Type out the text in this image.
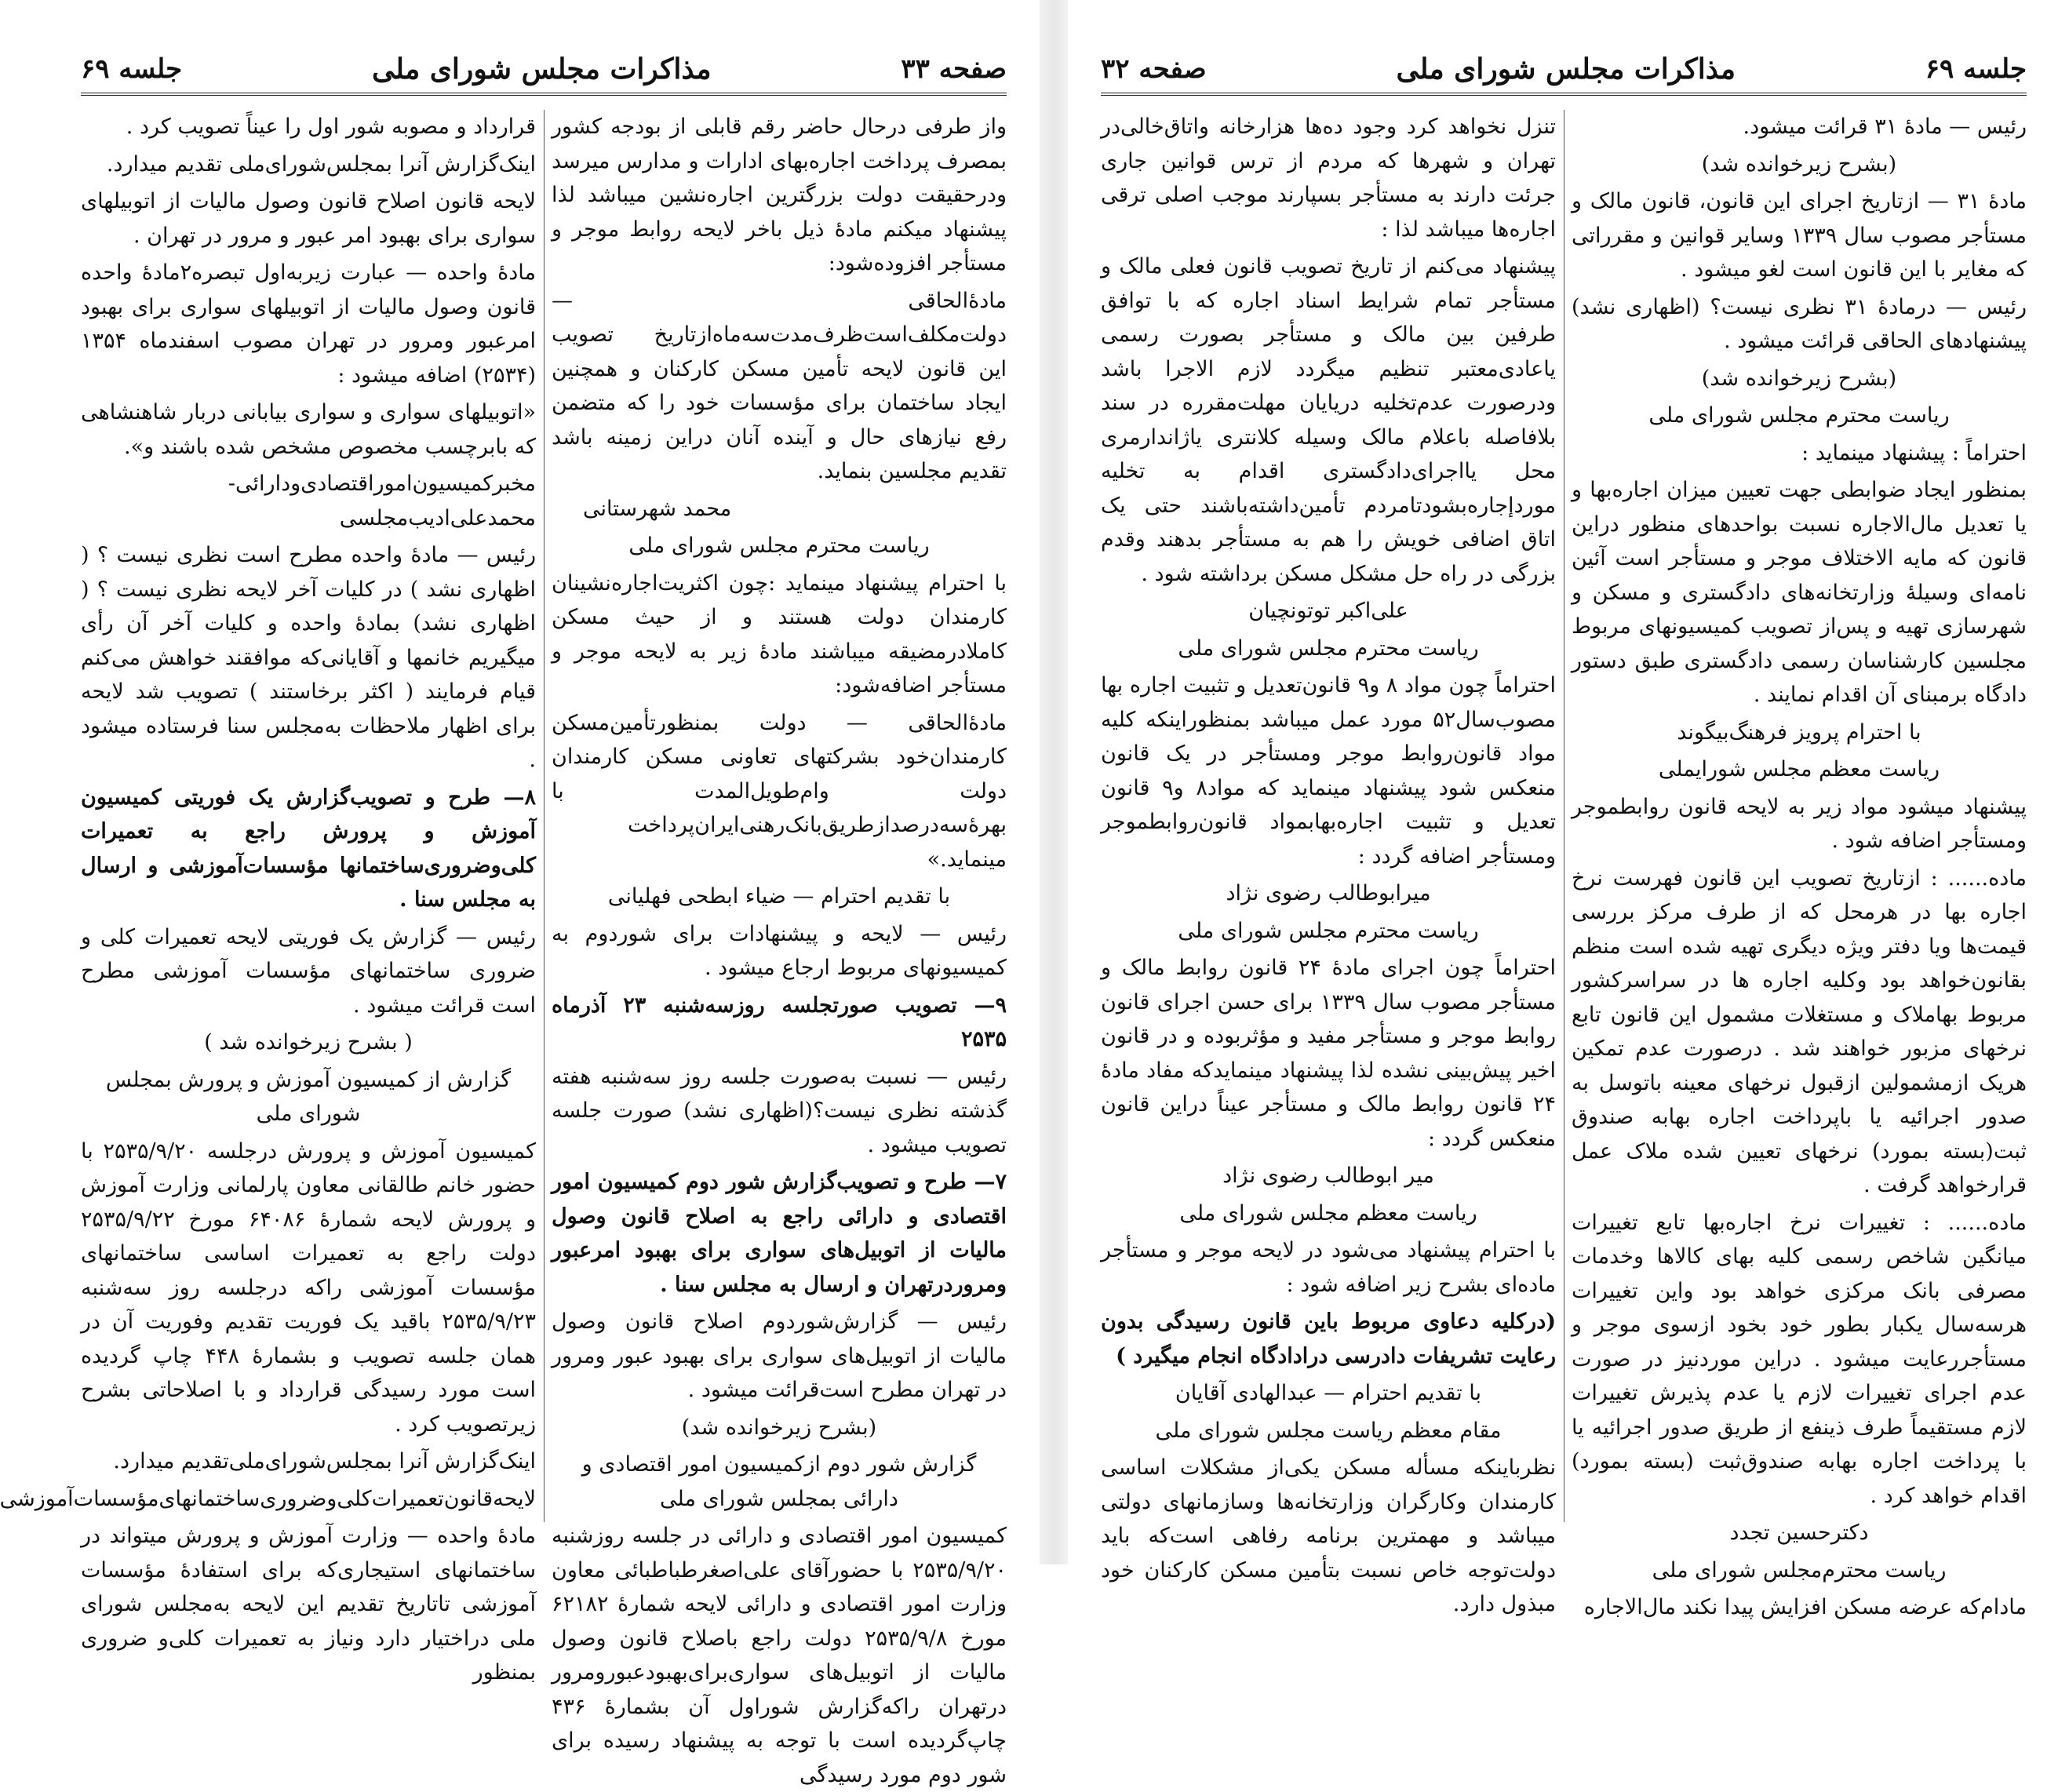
صفحه ۳۳
مذاکرات مجلس شورای ملی
جلسه ۶۹

واز طرفی درحال حاضر رقم قابلی از بودجه کشور بمصرف پرداخت اجاره‌بهای ادارات و مدارس میرسد ودرحقیقت دولت بزرگترین اجاره‌نشین میباشد لذا پیشنهاد میکنم مادهٔ ذیل باخر لایحه روابط موجر و مستأجر افزوده‌شود:

مادهٔ‌الحاقی — دولت‌مکلف‌است‌ظرف‌مدت‌سه‌ماه‌ازتاریخ تصویب این قانون لایحه تأمین مسکن کارکنان و همچنین ایجاد ساختمان برای مؤسسات خود را که متضمن رفع نیازهای حال و آینده آنان دراین زمینه باشد تقدیم مجلسین بنماید.

محمد شهرستانی

ریاست محترم مجلس شورای ملی

با احترام پیشنهاد مینماید :چون اکثریت‌اجاره‌نشینان کارمندان دولت هستند و از حیث مسکن کاملادرمضیقه میباشند مادهٔ زیر به لایحه موجر و مستأجر اضافه‌شود:

مادهٔ‌الحاقی — دولت بمنظورتأمین‌مسکن کارمندان‌خود بشرکتهای تعاونی مسکن کارمندان دولت وام‌طویل‌المدت با بهرهٔ‌سه‌درصداز‌طریق‌بانک‌رهنی‌ایران‌پرداخت مینماید.»

با تقدیم احترام — ضیاء ابطحی فهلیانی

رئیس — لایحه و پیشنهادات برای شوردوم به کمیسیونهای مربوط ارجاع میشود .

۹— تصویب صورتجلسه روز‌سه‌شنبه ۲۳ آذرماه ۲۵۳۵

رئیس — نسبت به‌صورت جلسه روز سه‌شنبه هفته گذشته نظری نیست؟(اظهاری نشد) صورت جلسه تصویب میشود .

۷— طرح و تصویب‌گزارش شور دوم کمیسیون امور اقتصادی و دارائی راجع به اصلاح قانون وصول مالیات از اتوبیل‌های سواری برای بهبود امرعبور ومرورد‌رتهران و ارسال به مجلس سنا .

رئیس — گزارش‌شوردوم اصلاح قانون وصول مالیات از اتوبیل‌های سواری برای بهبود عبور ومرور در تهران مطرح است‌قرائت میشود .

(بشرح زیرخوانده شد)

گزارش شور دوم ازکمیسیون امور اقتصادی و دارائی بمجلس شورای ملی

کمیسیون امور اقتصادی و دارائی در جلسه روزشنبه ۲۵۳۵/۹/۲۰ با حضورآقای علی‌اصغرطباطبائی معاون وزارت امور اقتصادی و دارائی لایحه شمارهٔ ۶۲۱۸۲ مورخ ۲۵۳۵/۹/۸ دولت راجع باصلاح قانون وصول مالیات از اتوبیل‌های سواری‌برای‌بهبود‌عبورومرور درتهران راکه‌گزارش شوراول آن بشمارهٔ ۴۳۶ چاپ‌گردیده است با توجه به پیشنهاد رسیده برای شور دوم مورد رسیدگی

قرارداد و مصوبه شور اول را عیناً تصویب کرد .

اینک‌گزارش آنرا بمجلس‌شورای‌ملی تقدیم میدارد.

لایحه قانون اصلاح قانون وصول مالیات از اتوبیلهای سواری برای بهبود امر عبور و مرور در تهران .

مادهٔ واحده — عبارت زیربه‌اول تبصره۲مادهٔ واحده قانون وصول مالیات از اتوبیلهای سواری برای بهبود امرعبور ومرور در تهران مصوب اسفندماه ۱۳۵۴ (۲۵۳۴) اضافه میشود :

«اتوبیلهای سواری و سواری بیابانی دربار شاهنشاهی که بابرچسب مخصوص مشخص شده باشند و».

مخبرکمیسیون‌امور‌اقتصادی‌ودارائی-محمدعلی‌ادیب‌مجلسی

رئیس — مادهٔ واحده مطرح است نظری نیست ؟ ( اظهاری نشد ) در کلیات آخر لایحه نظری نیست ؟ ( اظهاری نشد) بمادهٔ واحده و کلیات آخر آن رأی میگیریم خانمها و آقایانی‌که موافقند خواهش می‌کنم قیام فرمایند ( اکثر برخاستند ) تصویب شد لایحه برای اظهار ملاحظات به‌مجلس سنا فرستاده میشود .

۸— طرح و تصویب‌گزارش یک فوریتی کمیسیون آموزش و پرورش راجع به تعمیرات کلی‌وضروری‌ساختمانها مؤسسات‌آموزشی و ارسال به مجلس سنا .

رئیس — گزارش یک فوریتی لایحه تعمیرات کلی و ضروری ساختمانهای مؤسسات آموزشی مطرح است قرائت میشود .

( بشرح زیرخوانده شد )

گزارش از کمیسیون آموزش و پرورش بمجلس شورای ملی

کمیسیون آموزش و پرورش درجلسه ۲۵۳۵/۹/۲۰ با حضور خانم طالقانی معاون پارلمانی وزارت آموزش و پرورش لایحه شمارهٔ ۶۴۰۸۶ مورخ ۲۵۳۵/۹/۲۲ دولت راجع به تعمیرات اساسی ساختمانهای مؤسسات آموزشی راکه درجلسه روز سه‌شنبه ۲۵۳۵/۹/۲۳ باقید یک فوریت تقدیم وفوریت آن در همان جلسه تصویب و بشمارهٔ ۴۴۸ چاپ گردیده است مورد رسیدگی قرارداد و با اصلاحاتی بشرح زیرتصویب کرد .

اینک‌گزارش آنرا بمجلس‌شورای‌ملی‌تقدیم میدارد.

لایحه‌قانون‌تعمیرات‌کلی‌وضروری‌ساختمانهای‌مؤسسات‌آموزشی

مادهٔ واحده — وزارت آموزش و پرورش میتواند در ساختمانهای استیجاری‌که برای استفادهٔ مؤسسات آموزشی تاتاریخ تقدیم این لایحه به‌مجلس شورای ملی دراختیار دارد ونیاز به تعمیرات کلی‌و ضروری بمنظور

جلسه ۶۹
مذاکرات مجلس شورای ملی
صفحه ۳۲

رئیس — مادهٔ ۳۱ قرائت میشود.

(بشرح زیرخوانده شد)

مادهٔ ۳۱ — ازتاریخ اجرای این قانون، قانون مالک و مستأجر مصوب سال ۱۳۳۹ وسایر قوانین و مقرراتی که مغایر با این قانون است لغو میشود .

رئیس — درمادهٔ ۳۱ نظری نیست؟ (اظهاری نشد) پیشنهادهای الحاقی قرائت میشود .

(بشرح زیرخوانده شد)

ریاست محترم مجلس شورای ملی

احتراماً : پیشنهاد مینماید :

بمنظور ایجاد ضوابطی جهت تعیین میزان اجاره‌بها و یا تعدیل مال‌الاجاره نسبت بواحدهای منظور دراین قانون که مایه الاختلاف موجر و مستأجر است آئین نامه‌ای وسیلهٔ وزارتخانه‌های دادگستری و مسکن و شهرسازی تهیه و پس‌از تصویب کمیسیونهای مربوط مجلسین کارشناسان رسمی دادگستری طبق دستور دادگاه برمبنای آن اقدام نمایند .

با احترام پرویز فرهنگ‌بیگوند

ریاست معظم مجلس شورایملی

پیشنهاد میشود مواد زیر به لایحه قانون روابطموجر ومستأجر اضافه شود .

ماده‌...... : ازتاریخ تصویب این قانون فهرست نرخ اجاره بها در هرمحل که از طرف مرکز بررسی قیمت‌ها ویا دفتر ویژه دیگری تهیه شده است منظم بقانون‌خواهد بود وکلیه اجاره ها در سراسرکشور مربوط بهاملاک و مستغلات مشمول این قانون تابع نرخهای مزبور خواهند شد . درصورت عدم تمکین هریک ازمشمولین ازقبول نرخهای معینه باتوسل به صدور اجرائیه یا باپرداخت اجاره بهابه صندوق ثبت(بسته بمورد) نرخهای تعیین شده ملاک عمل قرارخواهد گرفت .

ماده...... : تغییرات نرخ اجاره‌بها تابع تغییرات میانگین شاخص رسمی کلیه بهای کالاها وخدمات مصرفی بانک مرکزی خواهد بود واین تغییرات هرسه‌سال یکبار بطور خود بخود ازسوی موجر و مستأجررعایت میشود . دراین موردنیز در صورت عدم اجرای تغییرات لازم یا عدم پذیرش تغییرات لازم مستقیماً طرف ذینفع از طریق صدور اجرائیه یا با پرداخت اجاره بهابه صندوق‌ثبت (بسته بمورد) اقدام خواهد کرد .

دکترحسین تجدد

ریاست محترم‌مجلس شورای ملی

مادام‌که عرضه مسکن افزایش پیدا نکند مال‌الاجاره

تنزل نخواهد کرد وجود ده‌ها هزارخانه واتاق‌خالی‌در تهران و شهرها که مردم از ترس قوانین جاری جرئت دارند به مستأجر بسپارند موجب اصلی ترقی اجاره‌ها میباشد لذا :

پیشنهاد می‌کنم از تاریخ تصویب قانون فعلی مالک و مستأجر تمام شرایط اسناد اجاره که با توافق طرفین بین مالک و مستأجر بصورت رسمی یاعادی‌معتبر تنظیم میگردد لازم الاجرا باشد ودرصورت عدم‌تخلیه دریایان مهلت‌مقرره در سند بلافاصله باعلام مالک وسیله کلانتری یاژاندارمری محل یااجرای‌دادگستری اقدام به تخلیه موردإجاره‌بشودتامردم تأمین‌داشته‌باشند حتی یک اتاق اضافی خویش را هم به مستأجر بدهند وقدم بزرگی در راه حل مشکل مسکن برداشته شود .

علی‌اکبر توتونچیان

ریاست محترم مجلس شورای ملی

احتراماً چون مواد ۸ و۹ قانون‌تعدیل و تثبیت اجاره بها مصوب‌سال۵۲ مورد عمل میباشد بمنظوراینکه کلیه مواد قانون‌روابط موجر ومستأجر در یک قانون منعکس شود پیشنهاد مینماید که مواد۸ و۹ قانون تعدیل و تثبیت اجاره‌بهابمواد قانون‌روابطموجر ومستأجر اضافه گردد :

میرابوطالب رضوی نژاد

ریاست محترم مجلس شورای ملی

احتراماً چون اجرای مادهٔ ۲۴ قانون روابط مالک و مستأجر مصوب سال ۱۳۳۹ برای حسن اجرای قانون روابط موجر و مستأجر مفید و مؤثربوده و در قانون اخیر پیش‌بینی نشده لذا پیشنهاد مینمایدکه مفاد مادهٔ ۲۴ قانون روابط مالک و مستأجر عیناً دراین قانون منعکس گردد :

میر ابوطالب رضوی نژاد

ریاست معظم مجلس شورای ملی

با احترام پیشنهاد می‌شود در لایحه موجر و مستأجر ماده‌ای بشرح زیر اضافه شود :

(درکلیه دعاوی مربوط باین قانون رسیدگی بدون رعایت تشریفات دادرسی درادادگاه انجام میگیرد )

با تقدیم احترام — عبدالهادی آقایان

مقام معظم ریاست مجلس شورای ملی

نظرباینکه مسأله مسکن یکی‌از مشکلات اساسی کارمندان وکارگران وزارتخانه‌ها وسازمانهای دولتی میباشد و مهمترین برنامه رفاهی است‌که باید دولت‌توجه خاص نسبت بتأمین مسکن کارکنان خود مبذول دارد.
